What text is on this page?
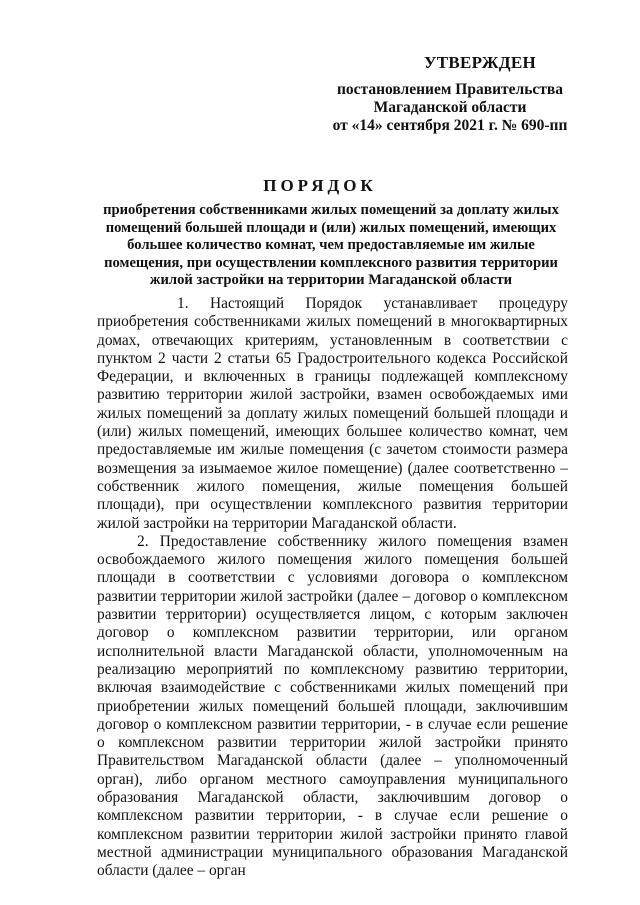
УТВЕРЖДЕН
постановлением Правительства
Магаданской области
от «14» сентября 2021 г. № 690-пп
ПОРЯДОК
приобретения собственниками жилых помещений за доплату жилых помещений большей площади и (или) жилых помещений, имеющих большее количество комнат, чем предоставляемые им жилые помещения, при осуществлении комплексного развития территории жилой застройки на территории Магаданской области

1. Настоящий Порядок устанавливает процедуру приобретения собственниками жилых помещений в многоквартирных домах, отвечающих критериям, установленным в соответствии с пунктом 2 части 2 статьи 65 Градостроительного кодекса Российской Федерации, и включенных в границы подлежащей комплексному развитию территории жилой застройки, взамен освобождаемых ими жилых помещений за доплату жилых помещений большей площади и (или) жилых помещений, имеющих большее количество комнат, чем предоставляемые им жилые помещения (с зачетом стоимости размера возмещения за изымаемое жилое помещение) (далее соответственно – собственник жилого помещения, жилые помещения большей площади), при осуществлении комплексного развития территории жилой застройки на территории Магаданской области.

2. Предоставление собственнику жилого помещения взамен освобождаемого жилого помещения жилого помещения большей площади в соответствии с условиями договора о комплексном развитии территории жилой застройки (далее – договор о комплексном развитии территории) осуществляется лицом, с которым заключен договор о комплексном развитии территории, или органом исполнительной власти Магаданской области, уполномоченным на реализацию мероприятий по комплексному развитию территории, включая взаимодействие с собственниками жилых помещений при приобретении жилых помещений большей площади, заключившим договор о комплексном развитии территории, - в случае если решение о комплексном развитии территории жилой застройки принято Правительством Магаданской области (далее – уполномоченный орган), либо органом местного самоуправления муниципального образования Магаданской области, заключившим договор о комплексном развитии территории, - в случае если решение о комплексном развитии территории жилой застройки принято главой местной администрации муниципального образования Магаданской области (далее – орган
